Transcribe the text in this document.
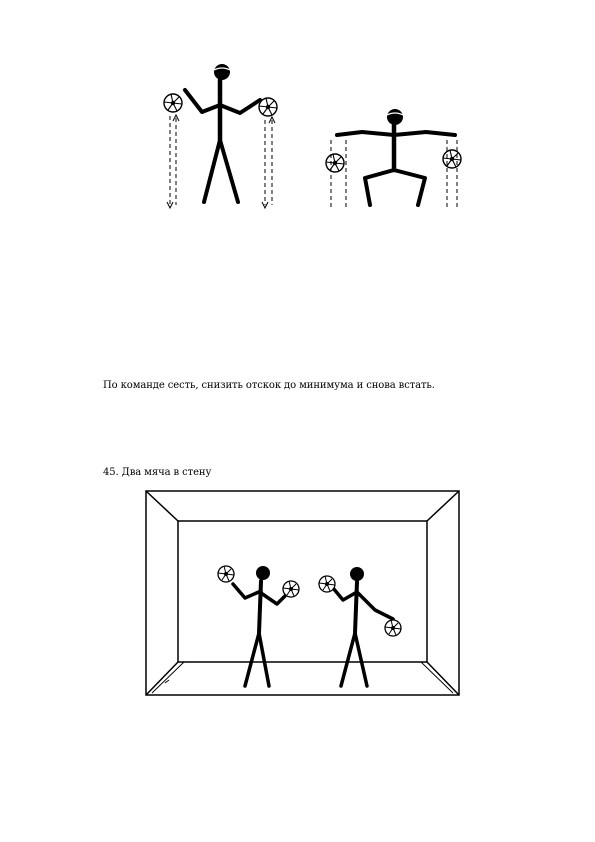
По команде сесть, снизить отскок до минимума и снова встать.
45. Два мяча в стену
